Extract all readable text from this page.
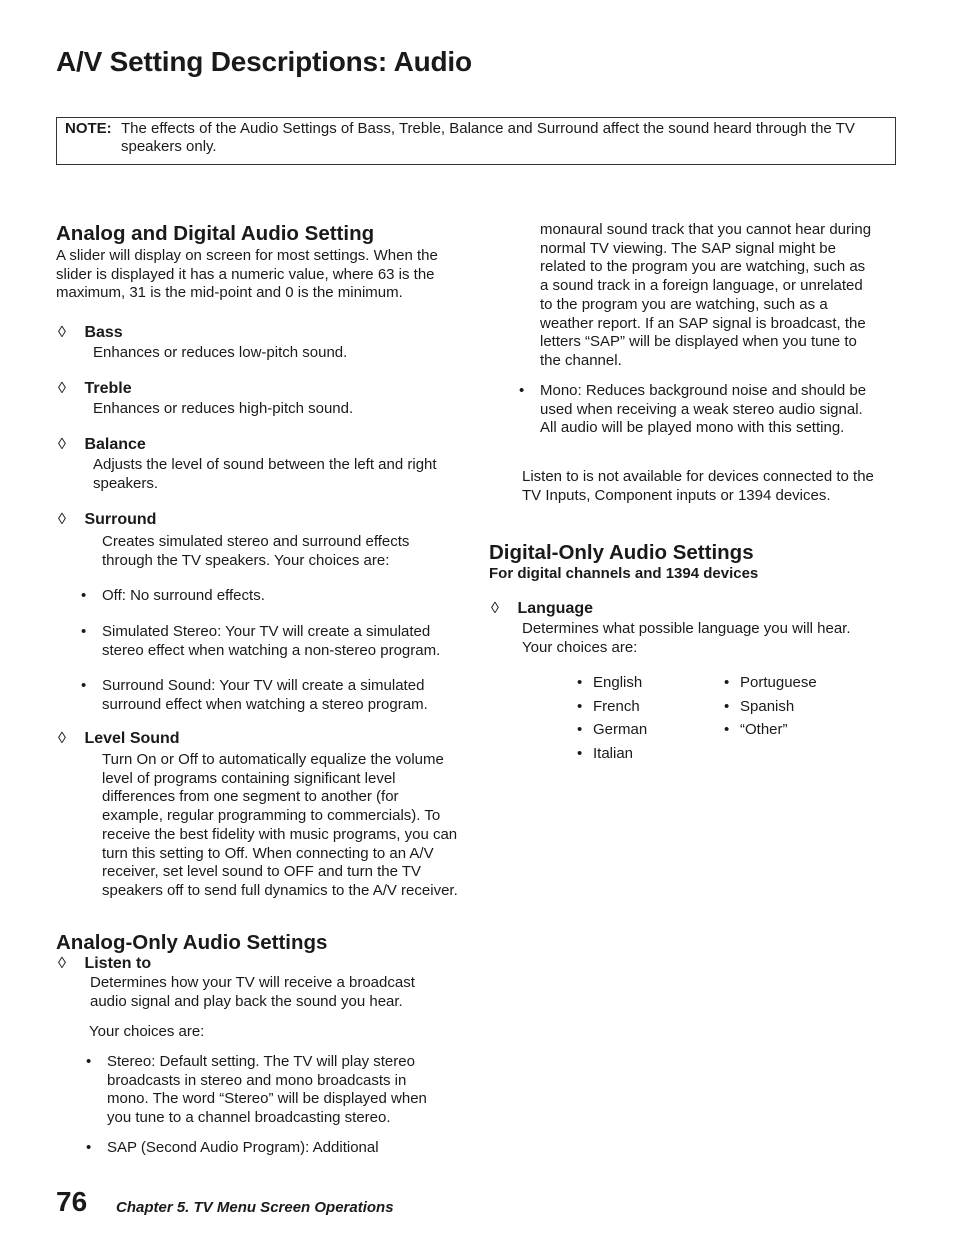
A/V Setting Descriptions: Audio
NOTE: The effects of the Audio Settings of Bass, Treble, Balance and Surround affect the sound heard through the TV speakers only.
Analog and Digital Audio Setting
A slider will display on screen for most settings. When the slider is displayed it has a numeric value, where 63 is the maximum, 31 is the mid-point and 0 is the minimum.
◊ Bass
Enhances or reduces low-pitch sound.
◊ Treble
Enhances or reduces high-pitch sound.
◊ Balance
Adjusts the level of sound between the left and right speakers.
◊ Surround
Creates simulated stereo and surround effects through the TV speakers. Your choices are:
• Off: No surround effects.
• Simulated Stereo: Your TV will create a simulated stereo effect when watching a non-stereo program.
• Surround Sound: Your TV will create a simulated surround effect when watching a stereo program.
◊ Level Sound
Turn On or Off to automatically equalize the volume level of programs containing significant level differences from one segment to another (for example, regular programming to commercials). To receive the best fidelity with music programs, you can turn this setting to Off. When connecting to an A/V receiver, set level sound to OFF and turn the TV speakers off to send full dynamics to the A/V receiver.
Analog-Only Audio Settings
◊ Listen to
Determines how your TV will receive a broadcast audio signal and play back the sound you hear.
Your choices are:
• Stereo: Default setting. The TV will play stereo broadcasts in stereo and mono broadcasts in mono. The word “Stereo” will be displayed when you tune to a channel broadcasting stereo.
• SAP (Second Audio Program): Additional
monaural sound track that you cannot hear during normal TV viewing. The SAP signal might be related to the program you are watching, such as a sound track in a foreign language, or unrelated to the program you are watching, such as a weather report. If an SAP signal is broadcast, the letters “SAP” will be displayed when you tune to the channel.
• Mono: Reduces background noise and should be used when receiving a weak stereo audio signal. All audio will be played mono with this setting.
Listen to is not available for devices connected to the TV Inputs, Component inputs or 1394 devices.
Digital-Only Audio Settings
For digital channels and 1394 devices
◊ Language
Determines what possible language you will hear. Your choices are:
• English
• French
• German
• Italian
• Portuguese
• Spanish
• “Other”
76 Chapter 5. TV Menu Screen Operations
